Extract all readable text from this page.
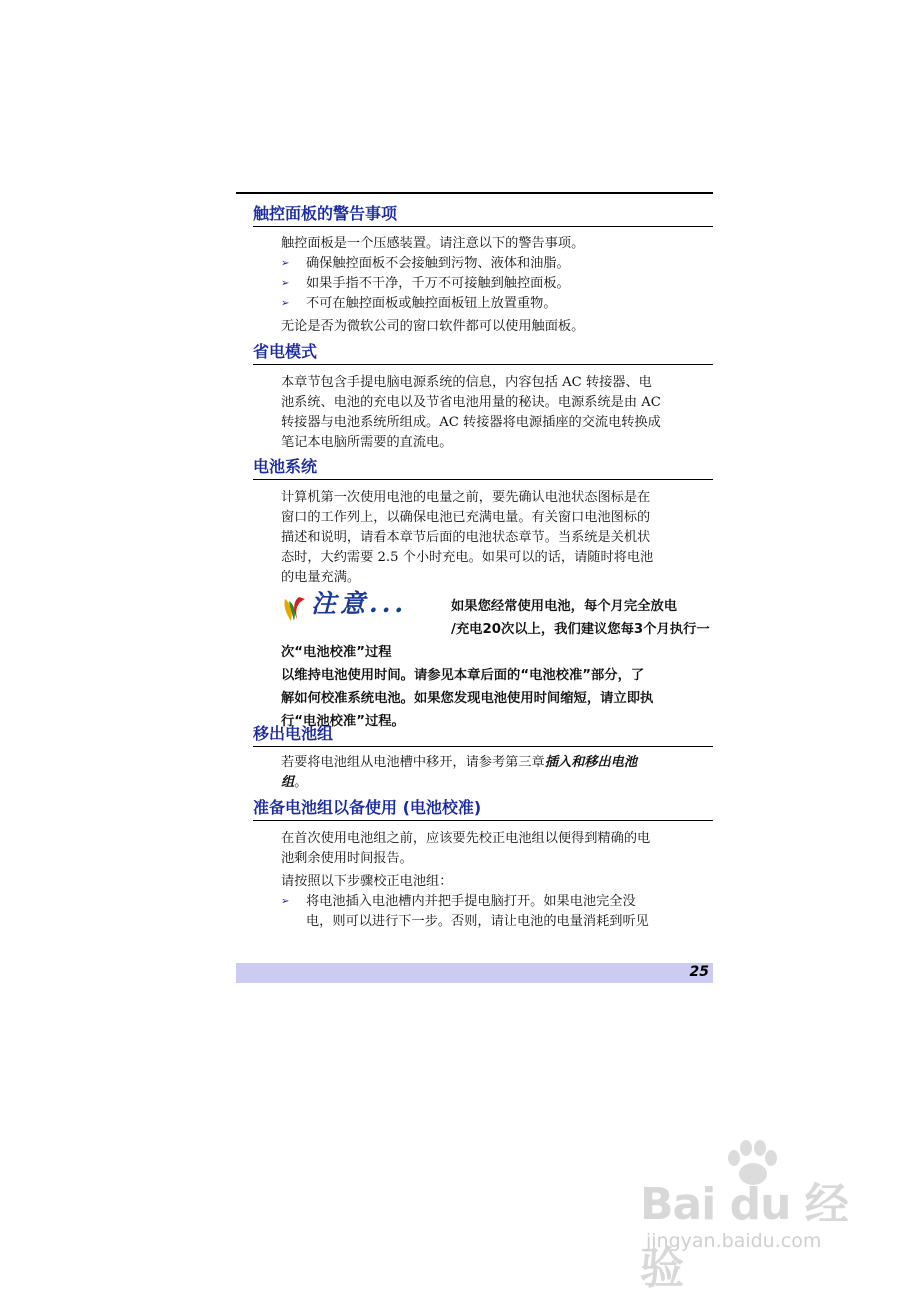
触控面板的警告事项

触控面板是一个压感装置。请注意以下的警告事项。

➢ 确保触控面板不会接触到污物、液体和油脂。
➢ 如果手指不干净，千万不可接触到触控面板。
➢ 不可在触控面板或触控面板钮上放置重物。

无论是否为微软公司的窗口软件都可以使用触面板。

省电模式

本章节包含手提电脑电源系统的信息，内容包括 AC 转接器、电

池系统、电池的充电以及节省电池用量的秘诀。电源系统是由 AC

转接器与电池系统所组成。AC 转接器将电源插座的交流电转换成

笔记本电脑所需要的直流电。

电池系统

计算机第一次使用电池的电量之前，要先确认电池状态图标是在

窗口的工作列上，以确保电池已充满电量。有关窗口电池图标的

描述和说明，请看本章节后面的电池状态章节。当系统是关机状

态时，大约需要 2.5 个小时充电。如果可以的话，请随时将电池

的电量充满。

注意...	如果您经常使用电池，每个月完全放电
/充电20次以上，我们建议您每3个月执行一次“电池校准”过程
以维持电池使用时间。请参见本章后面的“电池校准”部分，了
解如何校准系统电池。如果您发现电池使用时间缩短，请立即执
行“电池校准”过程。
移出电池组

若要将电池组从电池槽中移开，请参考第三章插入和移出电池

组。

准备电池组以备使用 (电池校准)

在首次使用电池组之前，应该要先校正电池组以便得到精确的电

池剩余使用时间报告。

请按照以下步骤校正电池组：

➢ 将电池插入电池槽内并把手提电脑打开。如果电池完全没
电，则可以进行下一步。否则，请让电池的电量消耗到听见
25
Bai du 经验
jingyan.baidu.com
